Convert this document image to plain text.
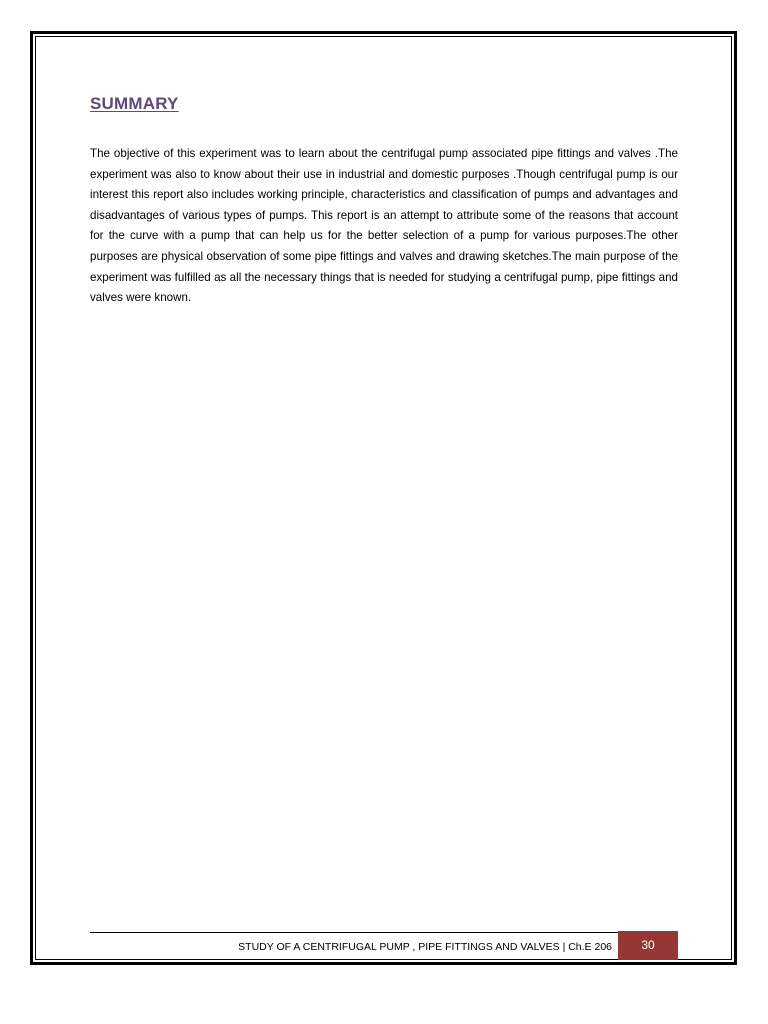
SUMMARY

The objective of this experiment was to learn about the centrifugal pump associated pipe fittings and valves .The experiment was also to know about their use in industrial and domestic purposes .Though centrifugal pump is our interest this report also includes working principle, characteristics and classification of pumps and advantages and disadvantages of various types of pumps. This report is an attempt to attribute some of the reasons that account for the curve with a pump that can help us for the better selection of a pump for various purposes.The other purposes are physical observation of some pipe fittings and valves and drawing sketches.The main purpose of the experiment was fulfilled as all the necessary things that is needed for studying a centrifugal pump, pipe fittings and valves were known.

STUDY OF A CENTRIFUGAL PUMP , PIPE FITTINGS AND VALVES | Ch.E 206	30
